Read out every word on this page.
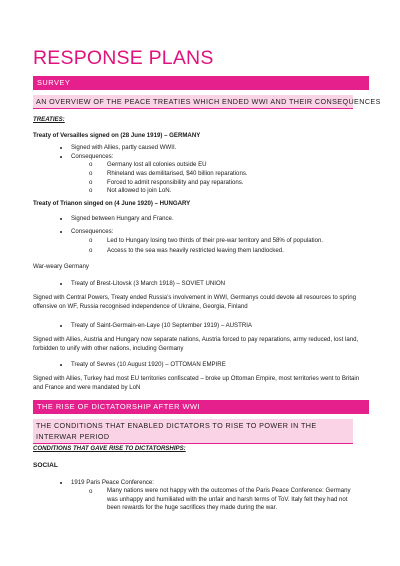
RESPONSE PLANS
SURVEY
AN OVERVIEW OF THE PEACE TREATIES WHICH ENDED WWI AND THEIR CONSEQUENCES
TREATIES:
Treaty of Versailles signed on (28 June 1919) – GERMANY
Signed with Allies, partly caused WWII.
Consequences:
o Germany lost all colonies outside EU
o Rhineland was demilitarised, $40 billion reparations.
o Forced to admit responsibility and pay reparations.
o Not allowed to join LoN.
Treaty of Trianon singed on (4 June 1920) – HUNGARY
Signed between Hungary and France.
Consequences:
o Led to Hungary losing two thirds of their pre-war territory and 58% of population.
o Access to the sea was heavily restricted leaving them landlocked.
War-weary Germany
Treaty of Brest-Litovsk (3 March 1918) – SOVIET UNION
Signed with Central Powers, Treaty ended Russia’s involvement in WWI, Germanys could devote all resources to spring offensive on WF, Russia recognised independence of Ukraine, Georgia, Finland
Treaty of Saint-Germain-en-Laye (10 September 1919) – AUSTRIA
Signed with Allies, Austria and Hungary now separate nations, Austria forced to pay reparations, army reduced, lost land, forbidden to unify with other nations, including Germany
Treaty of Sevres (10 August 1920) – OTTOMAN EMPIRE
Signed with Allies, Turkey had most EU territories confiscated – broke up Ottoman Empire, most territories went to Britain and France and were mandated by LoN
THE RISE OF DICTATORSHIP AFTER WWI
THE CONDITIONS THAT ENABLED DICTATORS TO RISE TO POWER IN THE INTERWAR PERIOD
CONDITIONS THAT GAVE RISE TO DICTATORSHIPS:
SOCIAL
1919 Paris Peace Conference:
o Many nations were not happy with the outcomes of the Paris Peace Conference: Germany was unhappy and humiliated with the unfair and harsh terms of ToV. Italy felt they had not been rewards for the huge sacrifices they made during the war.
